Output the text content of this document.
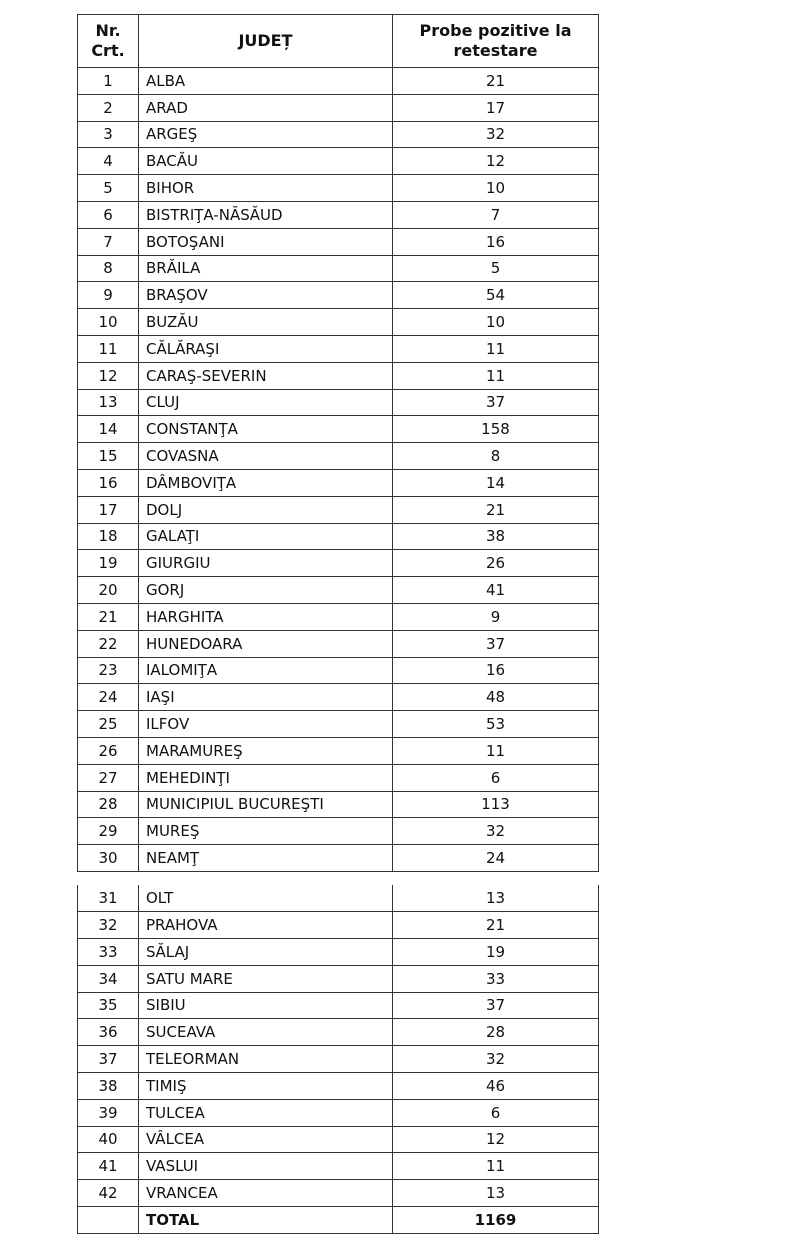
Nr. Crt.	JUDEȚ	Probe pozitive la retestare
1	ALBA	21
2	ARAD	17
3	ARGEŞ	32
4	BACĂU	12
5	BIHOR	10
6	BISTRIŢA-NĂSĂUD	7
7	BOTOŞANI	16
8	BRĂILA	5
9	BRAŞOV	54
10	BUZĂU	10
11	CĂLĂRAŞI	11
12	CARAŞ-SEVERIN	11
13	CLUJ	37
14	CONSTANŢA	158
15	COVASNA	8
16	DÂMBOVIŢA	14
17	DOLJ	21
18	GALAŢI	38
19	GIURGIU	26
20	GORJ	41
21	HARGHITA	9
22	HUNEDOARA	37
23	IALOMIŢA	16
24	IAŞI	48
25	ILFOV	53
26	MARAMUREŞ	11
27	MEHEDINŢI	6
28	MUNICIPIUL BUCUREŞTI	113
29	MUREŞ	32
30	NEAMŢ	24
31	OLT	13
32	PRAHOVA	21
33	SĂLAJ	19
34	SATU MARE	33
35	SIBIU	37
36	SUCEAVA	28
37	TELEORMAN	32
38	TIMIŞ	46
39	TULCEA	6
40	VÂLCEA	12
41	VASLUI	11
42	VRANCEA	13
	TOTAL	1169
